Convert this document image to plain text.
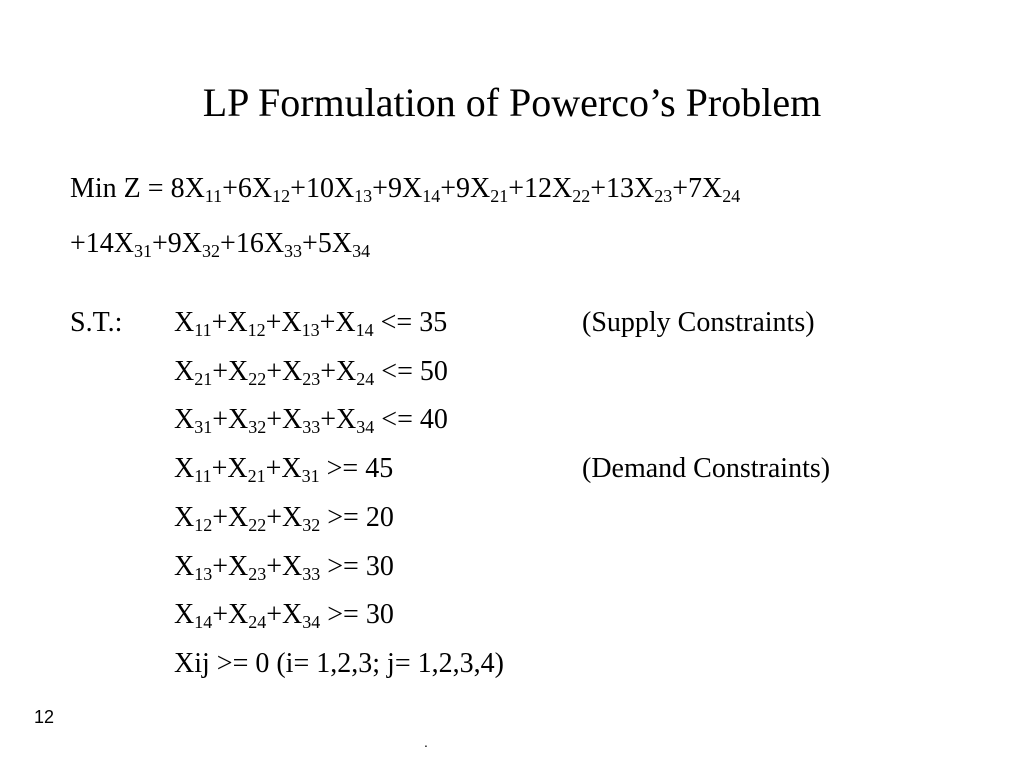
LP Formulation of Powerco’s Problem
Min $Z = 8X_{11}+6X_{12}+10X_{13}+9X_{14}+9X_{21}+12X_{22}+13X_{23}+7X_{24}$
$+14X_{31}+9X_{32}+16X_{33}+5X_{34}$
S.T.: $X_{11}+X_{12}+X_{13}+X_{14} <= 35$	(Supply Constraints)
$X_{21}+X_{22}+X_{23}+X_{24} <= 50$
$X_{31}+X_{32}+X_{33}+X_{34} <= 40$
$X_{11}+X_{21}+X_{31} >= 45$	(Demand Constraints)
$X_{12}+X_{22}+X_{32} >= 20$
$X_{13}+X_{23}+X_{33} >= 30$
$X_{14}+X_{24}+X_{34} >= 30$
Xij >= 0 (i= 1,2,3; j= 1,2,3,4)
12
.
